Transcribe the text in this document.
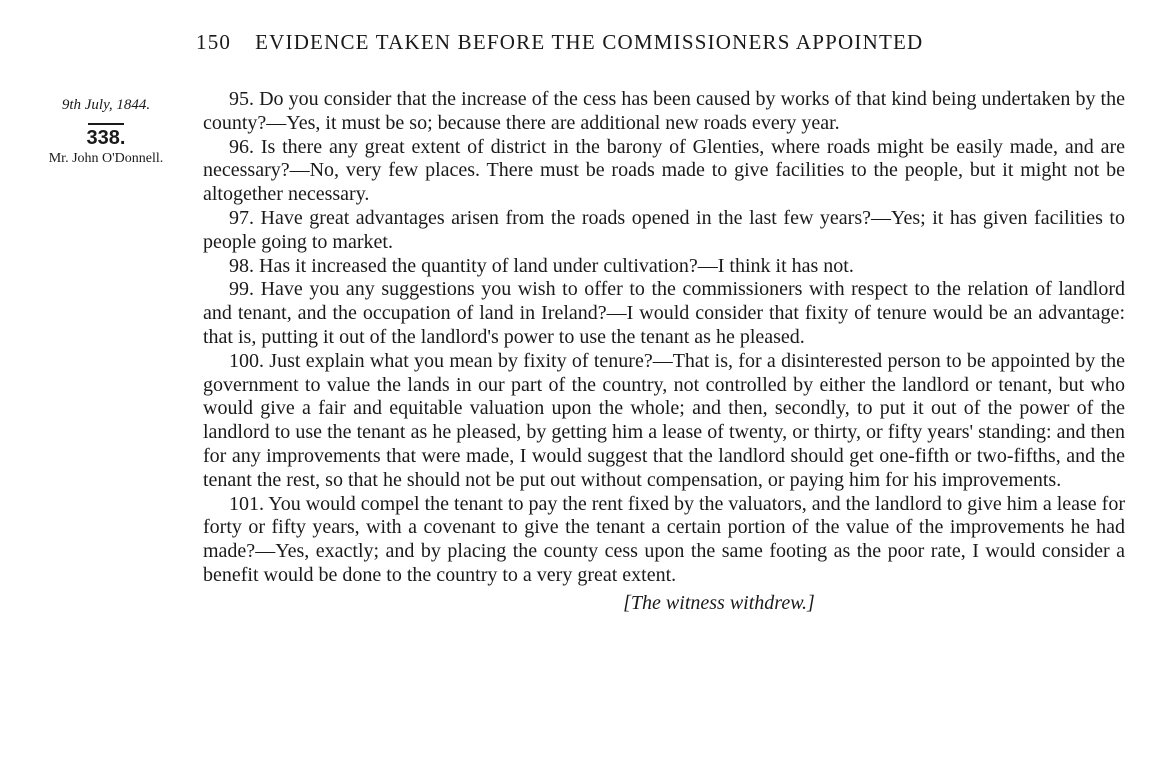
150 EVIDENCE TAKEN BEFORE THE COMMISSIONERS APPOINTED
9th July, 1844.
338.
Mr. John O'Donnell.

95. Do you consider that the increase of the cess has been caused by works of that kind being undertaken by the county?—Yes, it must be so; because there are additional new roads every year.

96. Is there any great extent of district in the barony of Glenties, where roads might be easily made, and are necessary?—No, very few places. There must be roads made to give facilities to the people, but it might not be altogether necessary.

97. Have great advantages arisen from the roads opened in the last few years?—Yes; it has given facilities to people going to market.

98. Has it increased the quantity of land under cultivation?—I think it has not.

99. Have you any suggestions you wish to offer to the commissioners with respect to the relation of landlord and tenant, and the occupation of land in Ireland?—I would consider that fixity of tenure would be an advantage: that is, putting it out of the landlord's power to use the tenant as he pleased.

100. Just explain what you mean by fixity of tenure?—That is, for a disinterested person to be appointed by the government to value the lands in our part of the country, not controlled by either the landlord or tenant, but who would give a fair and equitable valuation upon the whole; and then, secondly, to put it out of the power of the landlord to use the tenant as he pleased, by getting him a lease of twenty, or thirty, or fifty years' standing: and then for any improvements that were made, I would suggest that the landlord should get one-fifth or two-fifths, and the tenant the rest, so that he should not be put out without compensation, or paying him for his improvements.

101. You would compel the tenant to pay the rent fixed by the valuators, and the landlord to give him a lease for forty or fifty years, with a covenant to give the tenant a certain portion of the value of the improvements he had made?—Yes, exactly; and by placing the county cess upon the same footing as the poor rate, I would consider a benefit would be done to the country to a very great extent.

[The witness withdrew.]
